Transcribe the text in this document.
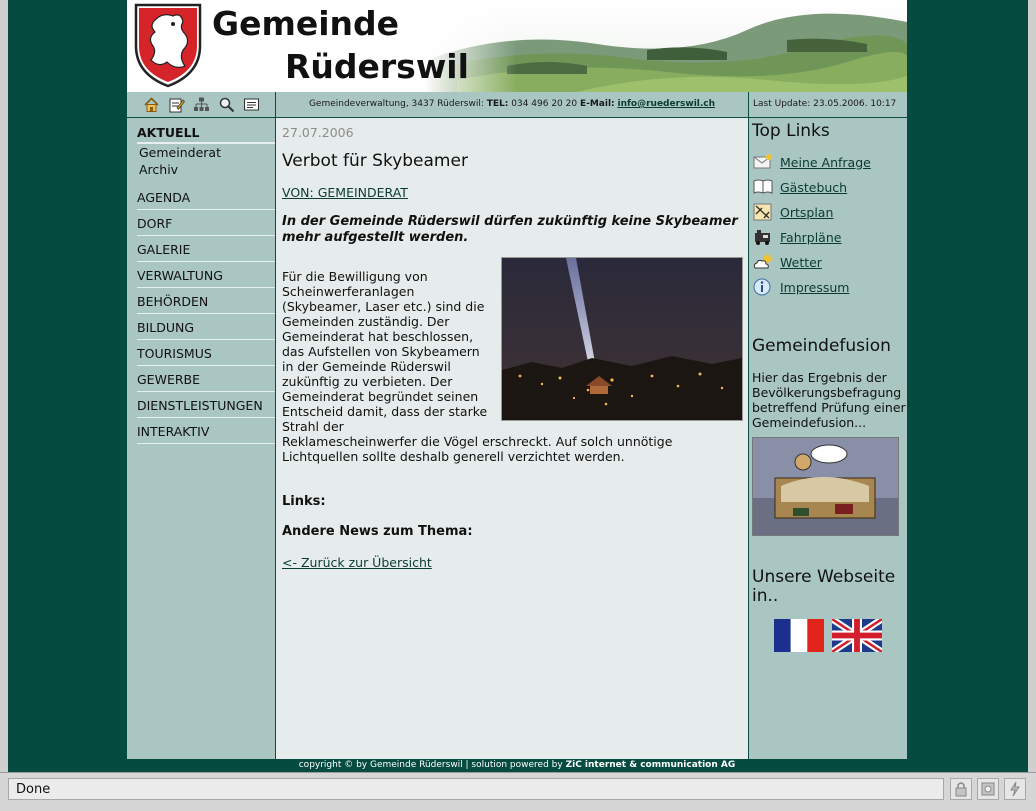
Gemeinde
Rüderswil
Gemeindeverwaltung, 3437 Rüderswil: TEL: 034 496 20 20 E-Mail: info@ruederswil.ch	Last Update: 23.05.2006. 10:17
AKTUELL
Gemeinderat
Archiv
AGENDA
DORF
GALERIE
VERWALTUNG
BEHÖRDEN
BILDUNG
TOURISMUS
GEWERBE
DIENSTLEISTUNGEN
INTERAKTIV
27.07.2006
Verbot für Skybeamer
VON: GEMEINDERAT
In der Gemeinde Rüderswil dürfen zukünftig keine Skybeamer mehr aufgestellt werden.
Für die Bewilligung von Scheinwerferanlagen (Skybeamer, Laser etc.) sind die Gemeinden zuständig. Der Gemeinderat hat beschlossen, das Aufstellen von Skybeamern in der Gemeinde Rüderswil zukünftig zu verbieten. Der Gemeinderat begründet seinen Entscheid damit, dass der starke Strahl der
Reklamescheinwerfer die Vögel erschreckt. Auf solch unnötige Lichtquellen sollte deshalb generell verzichtet werden.
Links:
Andere News zum Thema:
<- Zurück zur Übersicht
Top Links
Meine Anfrage
Gästebuch
Ortsplan
Fahrpläne
Wetter
Impressum
Gemeindefusion
Hier das Ergebnis der Bevölkerungsbefragung betreffend Prüfung einer Gemeindefusion...
Unsere Webseite in..
copyright © by Gemeinde Rüderswil | solution powered by ZiC internet & communication AG
Done
